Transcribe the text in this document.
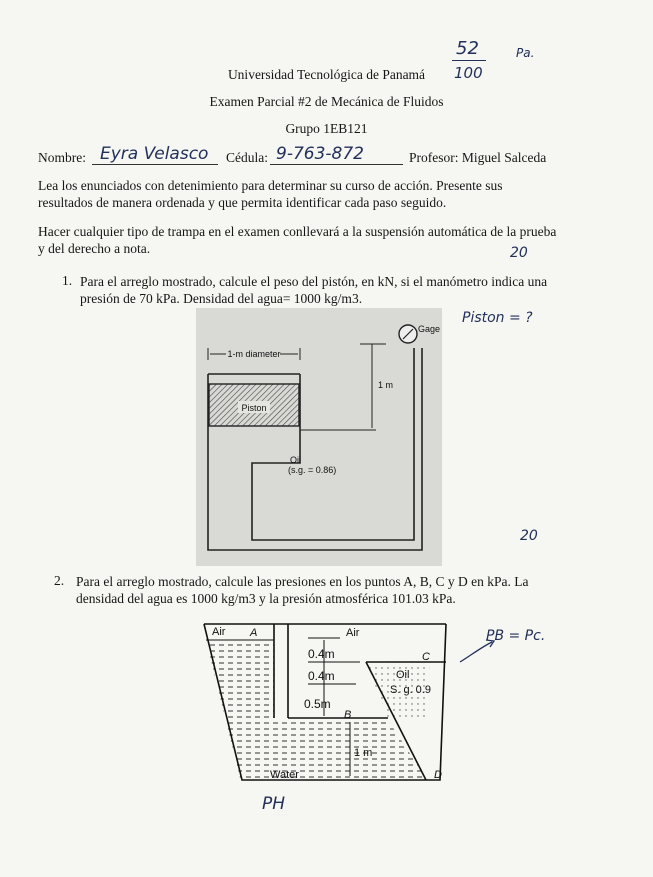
52
100
Pa.
Universidad Tecnológica de Panamá
Examen Parcial #2 de Mecánica de Fluidos
Grupo 1EB121
Nombre: Eyra Velasco Cédula: 9-763-872	Profesor: Miguel Salceda
Lea los enunciados con detenimiento para determinar su curso de acción. Presente sus resultados de manera ordenada y que permita identificar cada paso seguido.
Hacer cualquier tipo de trampa en el examen conllevará a la suspensión automática de la prueba y del derecho a nota.	20
1. Para el arreglo mostrado, calcule el peso del pistón, en kN, si el manómetro indica una presión de 70 kPa. Densidad del agua= 1000 kg/m3.
Piston = ?
Piston
1-m diameter
1 m
Oil
(s.g. = 0.86)
Gage
20
2. Para el arreglo mostrado, calcule las presiones en los puntos A, B, C y D en kPa. La densidad del agua es 1000 kg/m3 y la presión atmosférica 101.03 kPa.
PB = Pc.
Air A	Air
0.4m
0.4m
0.5m
B
C
Oil
S. g. 0.9
1 m
Water	D
PH
